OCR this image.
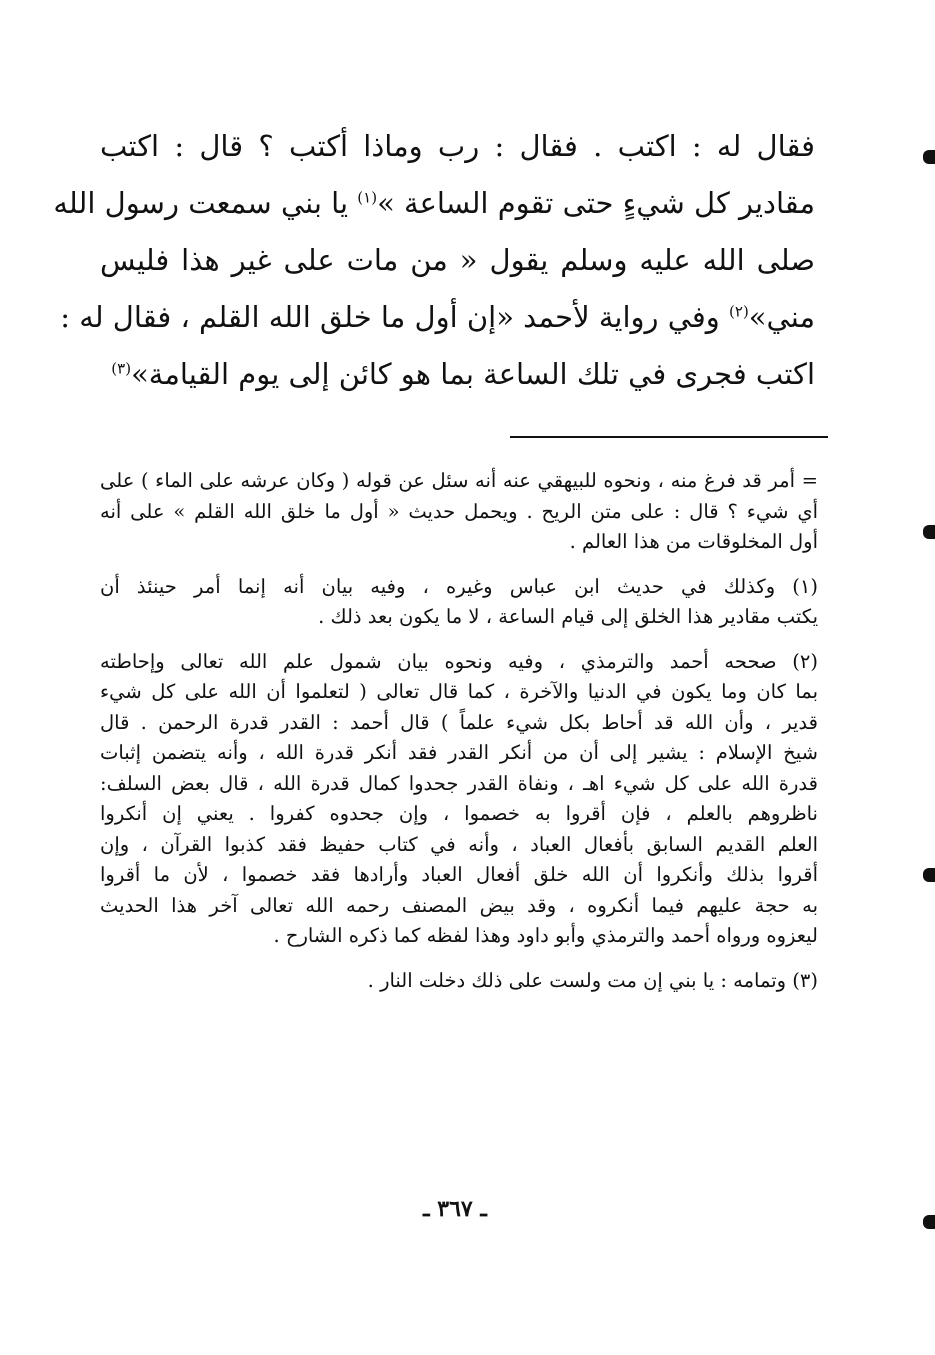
فقال له : اكتب . فقال : رب وماذا أكتب ؟ قال : اكتب
مقادير كل شيءٍ حتى تقوم الساعة »$^{(١)}$ يا بني سمعت رسول الله
صلى الله عليه وسلم يقول « من مات على غير هذا فليس
مني»$^{(٢)}$ وفي رواية لأحمد «إن أول ما خلق الله القلم ، فقال له :
اكتب فجرى في تلك الساعة بما هو كائن إلى يوم القيامة»$^{(٣)}$
= أمر قد فرغ منه ، ونحوه للبيهقي عنه أنه سئل عن قوله ( وكان عرشه على الماء ) على
أي شيء ؟ قال : على متن الريح . ويحمل حديث « أول ما خلق الله القلم » على أنه
أول المخلوقات من هذا العالم .
(١) وكذلك في حديث ابن عباس وغيره ، وفيه بيان أنه إنما أمر حينئذ أن
يكتب مقادير هذا الخلق إلى قيام الساعة ، لا ما يكون بعد ذلك .
(٢) صححه أحمد والترمذي ، وفيه ونحوه بيان شمول علم الله تعالى وإحاطته
بما كان وما يكون في الدنيا والآخرة ، كما قال تعالى ( لتعلموا أن الله على كل شيء
قدير ، وأن الله قد أحاط بكل شيء علماً ) قال أحمد : القدر قدرة الرحمن . قال
شيخ الإسلام : يشير إلى أن من أنكر القدر فقد أنكر قدرة الله ، وأنه يتضمن إثبات
قدرة الله على كل شيء اهـ ، ونفاة القدر جحدوا كمال قدرة الله ، قال بعض السلف:
ناظروهم بالعلم ، فإن أقروا به خصموا ، وإن جحدوه كفروا . يعني إن أنكروا
العلم القديم السابق بأفعال العباد ، وأنه في كتاب حفيظ فقد كذبوا القرآن ، وإن
أقروا بذلك وأنكروا أن الله خلق أفعال العباد وأرادها فقد خصموا ، لأن ما أقروا
به حجة عليهم فيما أنكروه ، وقد بيض المصنف رحمه الله تعالى آخر هذا الحديث
ليعزوه ورواه أحمد والترمذي وأبو داود وهذا لفظه كما ذكره الشارح .
(٣) وتمامه : يا بني إن مت ولست على ذلك دخلت النار .
ـ ٣٦٧ ـ
